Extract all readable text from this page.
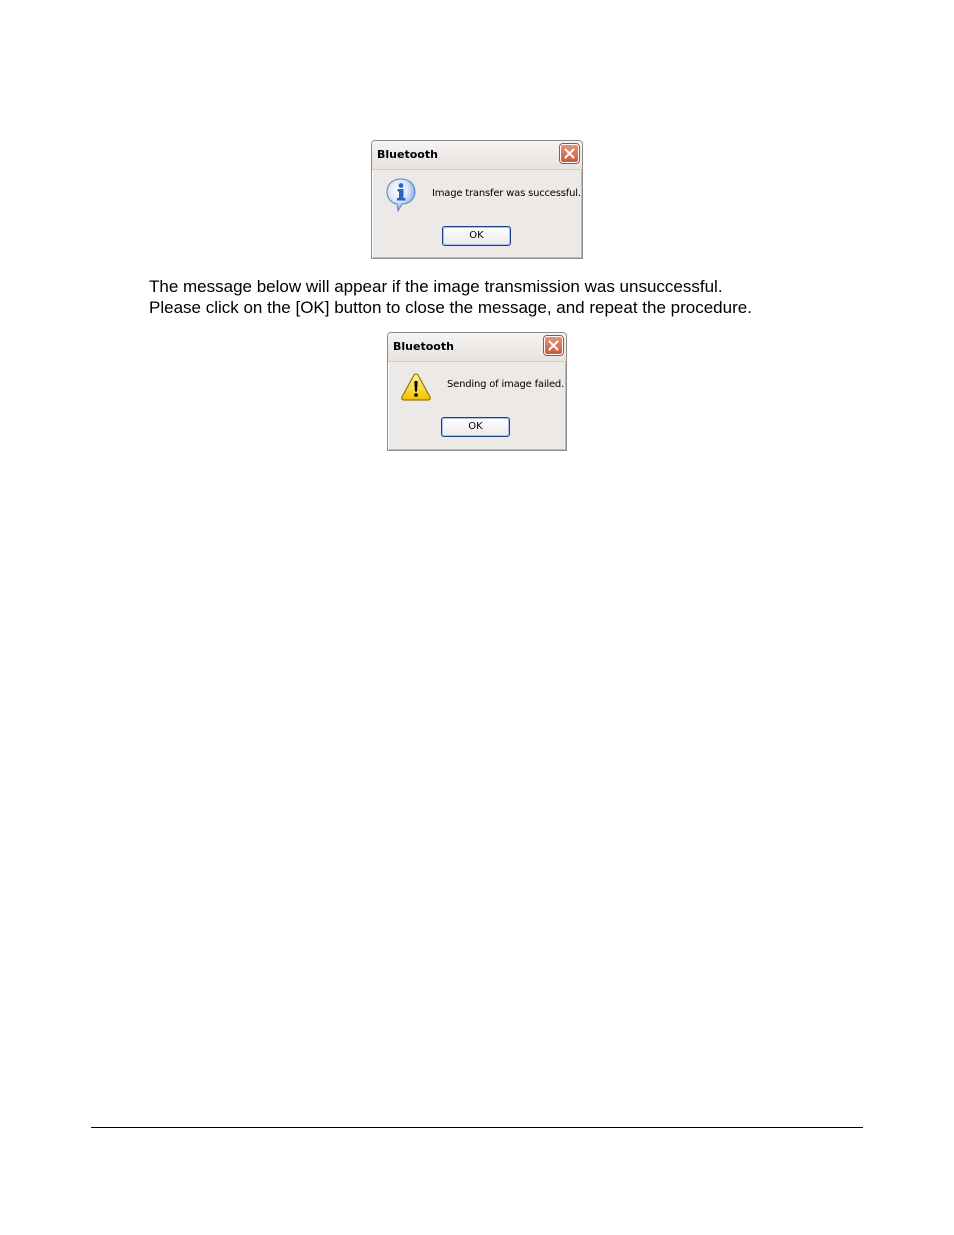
Bluetooth
Image transfer was successful.
OK

The message below will appear if the image transmission was unsuccessful.

Please click on the [OK] button to close the message, and repeat the procedure.

Bluetooth
Sending of image failed.
OK
